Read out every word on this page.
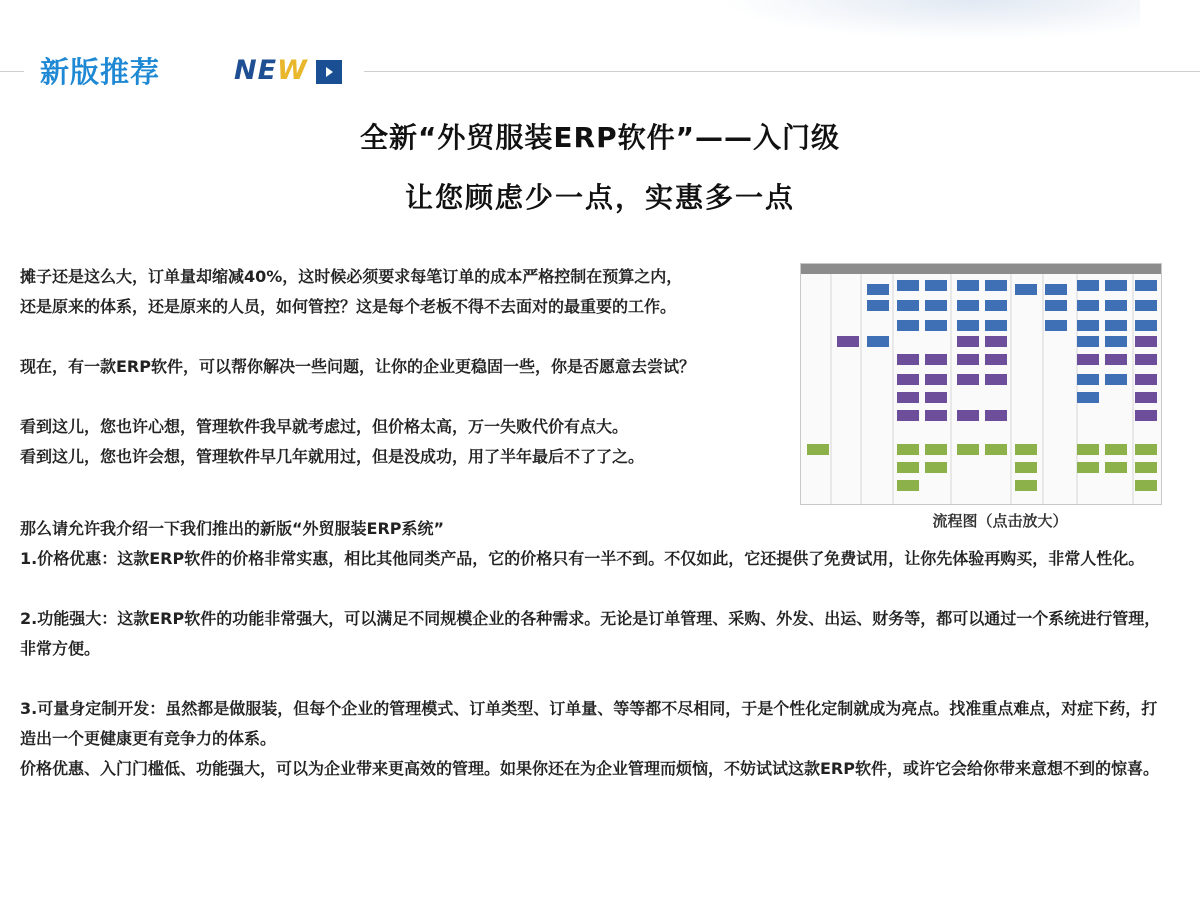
新版推荐	NEW
全新“外贸服装ERP软件”——入门级
让您顾虑少一点，实惠多一点

摊子还是这么大，订单量却缩减40%，这时候必须要求每笔订单的成本严格控制在预算之内，

还是原来的体系，还是原来的人员，如何管控？这是每个老板不得不去面对的最重要的工作。

现在，有一款ERP软件，可以帮你解决一些问题，让你的企业更稳固一些，你是否愿意去尝试？

看到这儿，您也许心想，管理软件我早就考虑过，但价格太高，万一失败代价有点大。

看到这儿，您也许会想，管理软件早几年就用过，但是没成功，用了半年最后不了了之。

流程图（点击放大）

那么请允许我介绍一下我们推出的新版“外贸服装ERP系统”

1.价格优惠：这款ERP软件的价格非常实惠，相比其他同类产品，它的价格只有一半不到。不仅如此，它还提供了免费试用，让你先体验再购买，非常人性化。

2.功能强大：这款ERP软件的功能非常强大，可以满足不同规模企业的各种需求。无论是订单管理、采购、外发、出运、财务等，都可以通过一个系统进行管理，非常方便。

3.可量身定制开发：虽然都是做服装，但每个企业的管理模式、订单类型、订单量、等等都不尽相同，于是个性化定制就成为亮点。找准重点难点，对症下药，打造出一个更健康更有竞争力的体系。

价格优惠、入门门槛低、功能强大，可以为企业带来更高效的管理。如果你还在为企业管理而烦恼，不妨试试这款ERP软件，或许它会给你带来意想不到的惊喜。
